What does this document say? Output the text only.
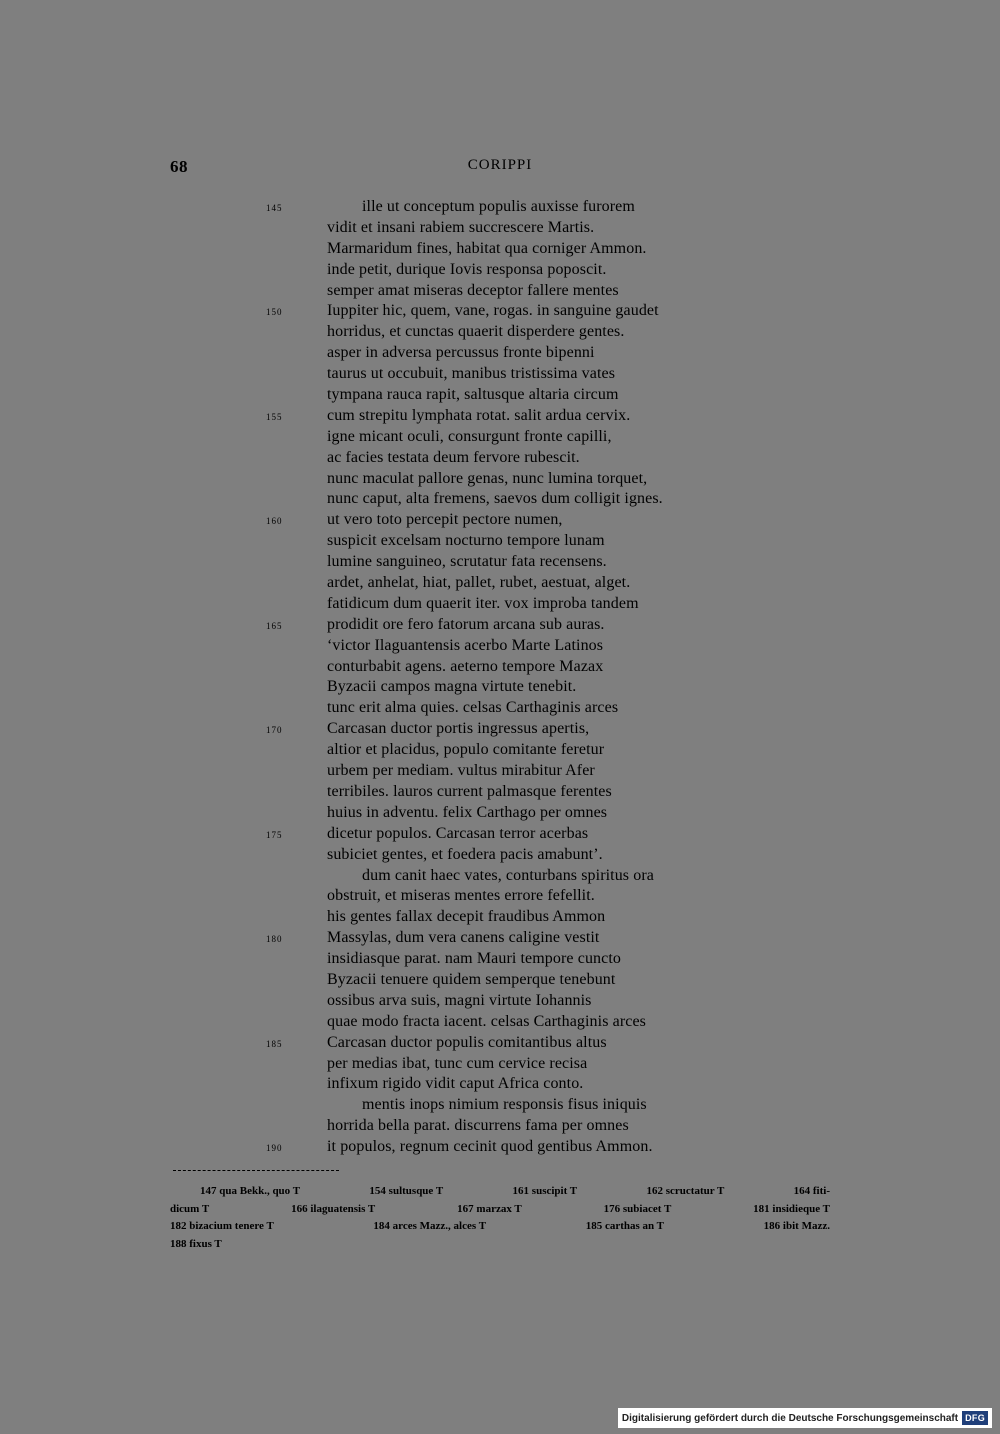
68	CORIPPI
145	ille ut conceptum populis auxisse furorem
vidit et insani rabiem succrescere Martis.
Marmaridum fines, habitat qua corniger Ammon.
inde petit, durique Iovis responsa poposcit.
semper amat miseras deceptor fallere mentes
150	Iuppiter hic, quem, vane, rogas. in sanguine gaudet
horridus, et cunctas quaerit disperdere gentes.
asper in adversa percussus fronte bipenni
taurus ut occubuit, manibus tristissima vates
tympana rauca rapit, saltusque altaria circum
155	cum strepitu lymphata rotat. salit ardua cervix.
igne micant oculi, consurgunt fronte capilli,
ac facies testata deum fervore rubescit.
nunc maculat pallore genas, nunc lumina torquet,
nunc caput, alta fremens, saevos dum colligit ignes.
160	ut vero toto percepit pectore numen,
suspicit excelsam nocturno tempore lunam
lumine sanguineo, scrutatur fata recensens.
ardet, anhelat, hiat, pallet, rubet, aestuat, alget.
fatidicum dum quaerit iter. vox improba tandem
165	prodidit ore fero fatorum arcana sub auras.
‘victor Ilaguantensis acerbo Marte Latinos
conturbabit agens. aeterno tempore Mazax
Byzacii campos magna virtute tenebit.
tunc erit alma quies. celsas Carthaginis arces
170	Carcasan ductor portis ingressus apertis,
altior et placidus, populo comitante feretur
urbem per mediam. vultus mirabitur Afer
terribiles. lauros current palmasque ferentes
huius in adventu. felix Carthago per omnes
175	dicetur populos. Carcasan terror acerbas
subiciet gentes, et foedera pacis amabunt’.
dum canit haec vates, conturbans spiritus ora
obstruit, et miseras mentes errore fefellit.
his gentes fallax decepit fraudibus Ammon
180	Massylas, dum vera canens caligine vestit
insidiasque parat. nam Mauri tempore cuncto
Byzacii tenuere quidem semperque tenebunt
ossibus arva suis, magni virtute Iohannis
quae modo fracta iacent. celsas Carthaginis arces
185	Carcasan ductor populis comitantibus altus
per medias ibat, tunc cum cervice recisa
infixum rigido vidit caput Africa conto.
mentis inops nimium responsis fisus iniquis
horrida bella parat. discurrens fama per omnes
190	it populos, regnum cecinit quod gentibus Ammon.
147 qua Bekk., quo T	154 sultusque T	161 suscipit T	162 scructatur T	164 fiti-
dicum T	166 ilaguatensis T	167 marzax T	176 subiacet T	181 insidieque T
182 bizacium tenere T	184 arces Mazz., alces T	185 carthas an T	186 ibit Mazz.
188 fixus T
Digitalisierung gefördert durch die Deutsche Forschungsgemeinschaft DFG
